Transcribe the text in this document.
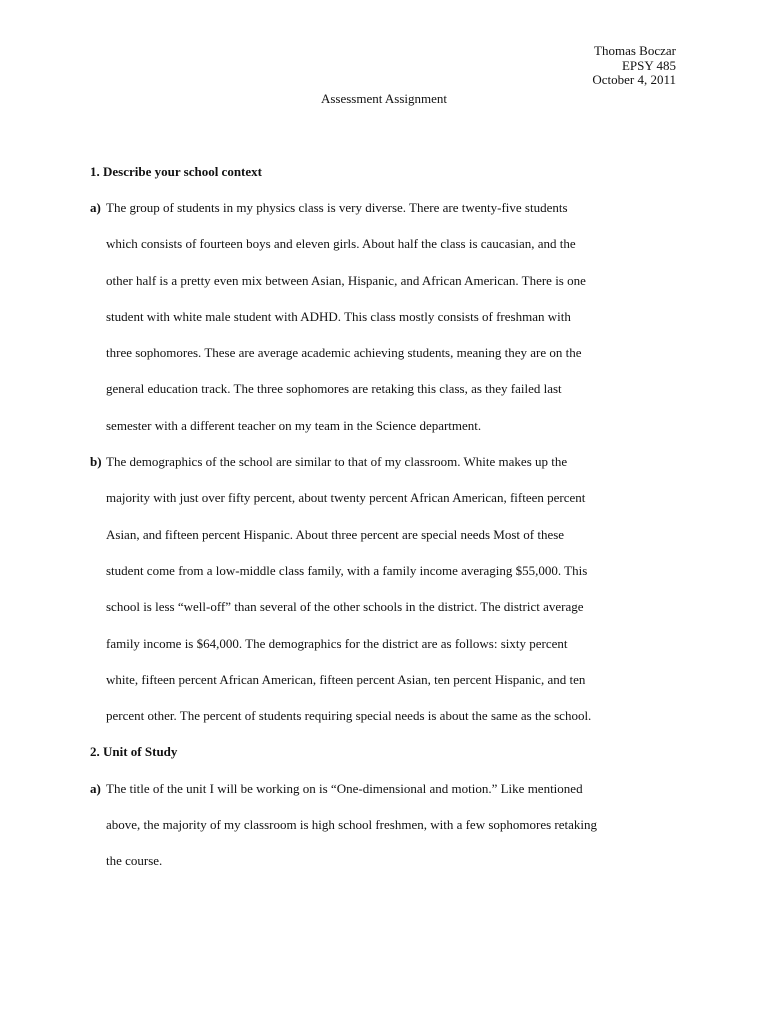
Thomas Boczar
EPSY 485
October 4, 2011
Assessment Assignment
1. Describe your school context
a) The group of students in my physics class is very diverse. There are twenty-five students
which consists of fourteen boys and eleven girls. About half the class is caucasian, and the
other half is a pretty even mix between Asian, Hispanic, and African American. There is one
student with white male student with ADHD. This class mostly consists of freshman with
three sophomores. These are average academic achieving students, meaning they are on the
general education track. The three sophomores are retaking this class, as they failed last
semester with a different teacher on my team in the Science department.
b) The demographics of the school are similar to that of my classroom. White makes up the
majority with just over fifty percent, about twenty percent African American, fifteen percent
Asian, and fifteen percent Hispanic. About three percent are special needs Most of these
student come from a low-middle class family, with a family income averaging $55,000. This
school is less “well-off” than several of the other schools in the district. The district average
family income is $64,000. The demographics for the district are as follows: sixty percent
white, fifteen percent African American, fifteen percent Asian, ten percent Hispanic, and ten
percent other. The percent of students requiring special needs is about the same as the school.
2. Unit of Study
a) The title of the unit I will be working on is “One-dimensional and motion.” Like mentioned
above, the majority of my classroom is high school freshmen, with a few sophomores retaking
the course.
